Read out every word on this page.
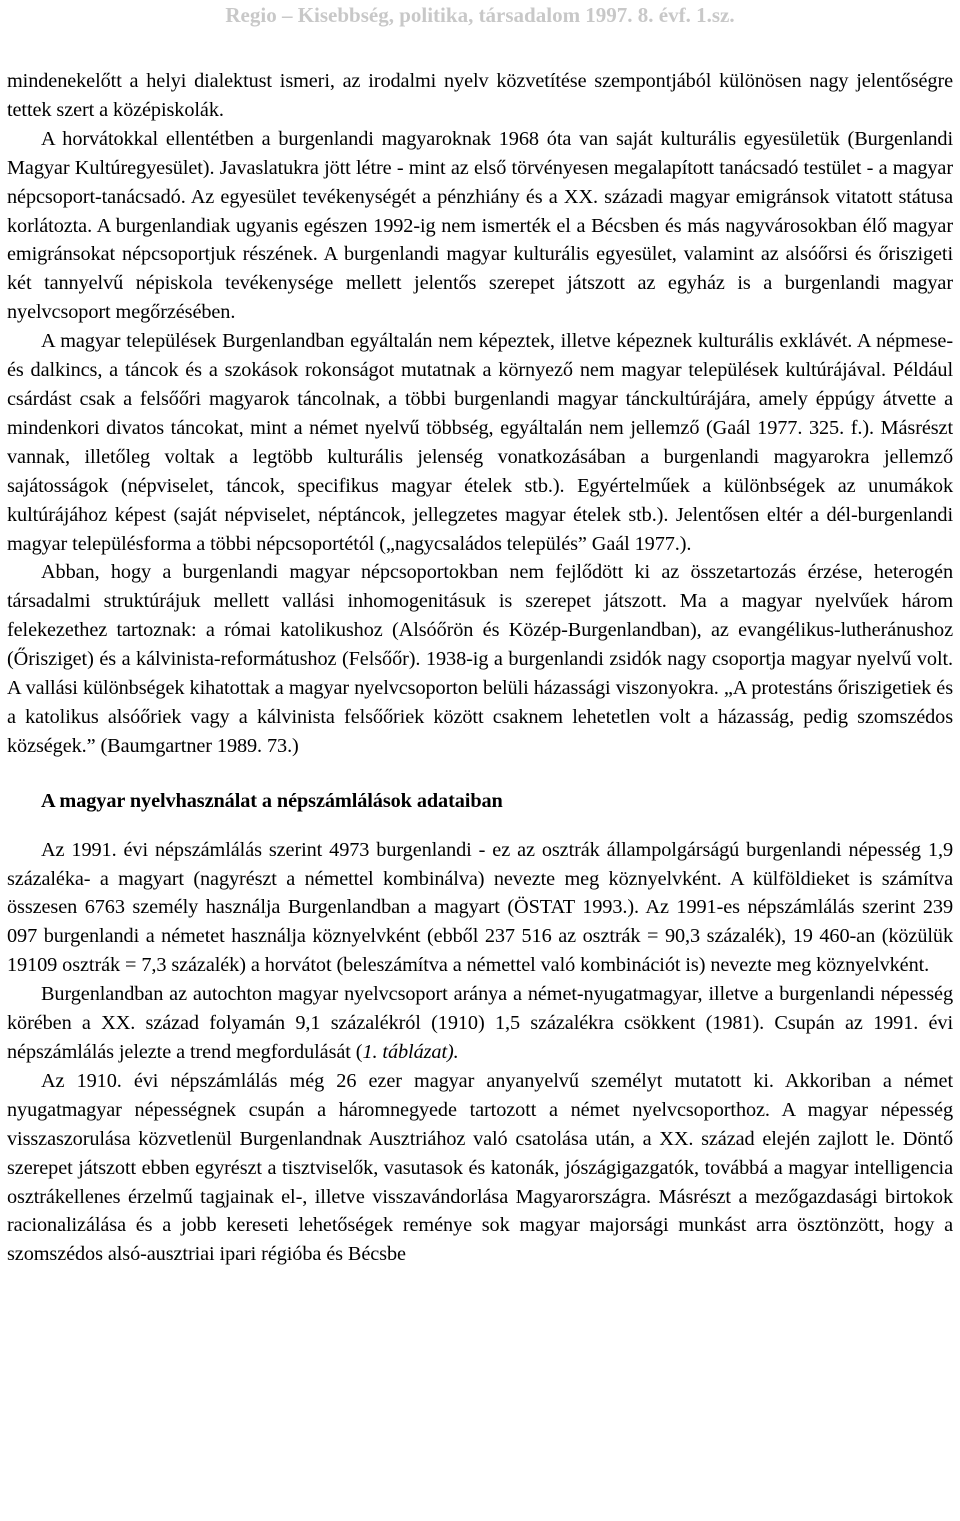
Regio – Kisebbség, politika, társadalom 1997. 8. évf. 1.sz.

mindenekelőtt a helyi dialektust ismeri, az irodalmi nyelv közvetítése szempontjából különösen nagy jelentőségre tettek szert a középiskolák.

A horvátokkal ellentétben a burgenlandi magyaroknak 1968 óta van saját kulturális egyesületük (Burgenlandi Magyar Kultúregyesület). Javaslatukra jött létre - mint az első törvényesen megalapított tanácsadó testület - a magyar népcsoport-tanácsadó. Az egyesület tevékenységét a pénzhiány és a XX. századi magyar emigránsok vitatott státusa korlátozta. A burgenlandiak ugyanis egészen 1992-ig nem ismerték el a Bécsben és más nagyvárosokban élő magyar emigránsokat népcsoportjuk részének. A burgenlandi magyar kulturális egyesület, valamint az alsóőrsi és őriszigeti két tannyelvű népiskola tevékenysége mellett jelentős szerepet játszott az egyház is a burgenlandi magyar nyelvcsoport megőrzésében.

A magyar települések Burgenlandban egyáltalán nem képeztek, illetve képeznek kulturális exklávét. A népmese- és dalkincs, a táncok és a szokások rokonságot mutatnak a környező nem magyar települések kultúrájával. Például csárdást csak a felsőőri magyarok táncolnak, a többi burgenlandi magyar tánckultúrájára, amely éppúgy átvette a mindenkori divatos táncokat, mint a német nyelvű többség, egyáltalán nem jellemző (Gaál 1977. 325. f.). Másrészt vannak, illetőleg voltak a legtöbb kulturális jelenség vonatkozásában a burgenlandi magyarokra jellemző sajátosságok (népviselet, táncok, specifikus magyar ételek stb.). Egyértelműek a különbségek az unumákok kultúrájához képest (saját népviselet, néptáncok, jellegzetes magyar ételek stb.). Jelentősen eltér a dél-burgenlandi magyar településforma a többi népcsoportétól („nagycsaládos település” Gaál 1977.).

Abban, hogy a burgenlandi magyar népcsoportokban nem fejlődött ki az összetartozás érzése, heterogén társadalmi struktúrájuk mellett vallási inhomogenitásuk is szerepet játszott. Ma a magyar nyelvűek három felekezethez tartoznak: a római katolikushoz (Alsóőrön és Közép-Burgenlandban), az evangélikus-lutheránushoz (Őrisziget) és a kálvinista-reformátushoz (Felsőőr). 1938-ig a burgenlandi zsidók nagy csoportja magyar nyelvű volt. A vallási különbségek kihatottak a magyar nyelvcsoporton belüli házassági viszonyokra. „A protestáns őriszigetiek és a katolikus alsóőriek vagy a kálvinista felsőőriek között csaknem lehetetlen volt a házasság, pedig szomszédos községek.” (Baumgartner 1989. 73.)

A magyar nyelvhasználat a népszámlálások adataiban

Az 1991. évi népszámlálás szerint 4973 burgenlandi - ez az osztrák állampolgárságú burgenlandi népesség 1,9 százaléka- a magyart (nagyrészt a némettel kombinálva) nevezte meg köznyelvként. A külföldieket is számítva összesen 6763 személy használja Burgenlandban a magyart (ÖSTAT 1993.). Az 1991-es népszámlálás szerint 239 097 burgenlandi a németet használja köznyelvként (ebből 237 516 az osztrák = 90,3 százalék), 19 460-an (közülük 19109 osztrák = 7,3 százalék) a horvátot (beleszámítva a némettel való kombinációt is) nevezte meg köznyelvként.

Burgenlandban az autochton magyar nyelvcsoport aránya a német-nyugatmagyar, illetve a burgenlandi népesség körében a XX. század folyamán 9,1 százalékról (1910) 1,5 százalékra csökkent (1981). Csupán az 1991. évi népszámlálás jelezte a trend megfordulását (1. táblázat).

Az 1910. évi népszámlálás még 26 ezer magyar anyanyelvű személyt mutatott ki. Akkoriban a német nyugatmagyar népességnek csupán a háromnegyede tartozott a német nyelvcsoporthoz. A magyar népesség visszaszorulása közvetlenül Burgenlandnak Ausztriához való csatolása után, a XX. század elején zajlott le. Döntő szerepet játszott ebben egyrészt a tisztviselők, vasutasok és katonák, jószágigazgatók, továbbá a magyar intelligencia osztrákellenes érzelmű tagjainak el-, illetve visszavándorlása Magyarországra. Másrészt a mezőgazdasági birtokok racionalizálása és a jobb kereseti lehetőségek reménye sok magyar majorsági munkást arra ösztönzött, hogy a szomszédos alsó-ausztriai ipari régióba és Bécsbe
